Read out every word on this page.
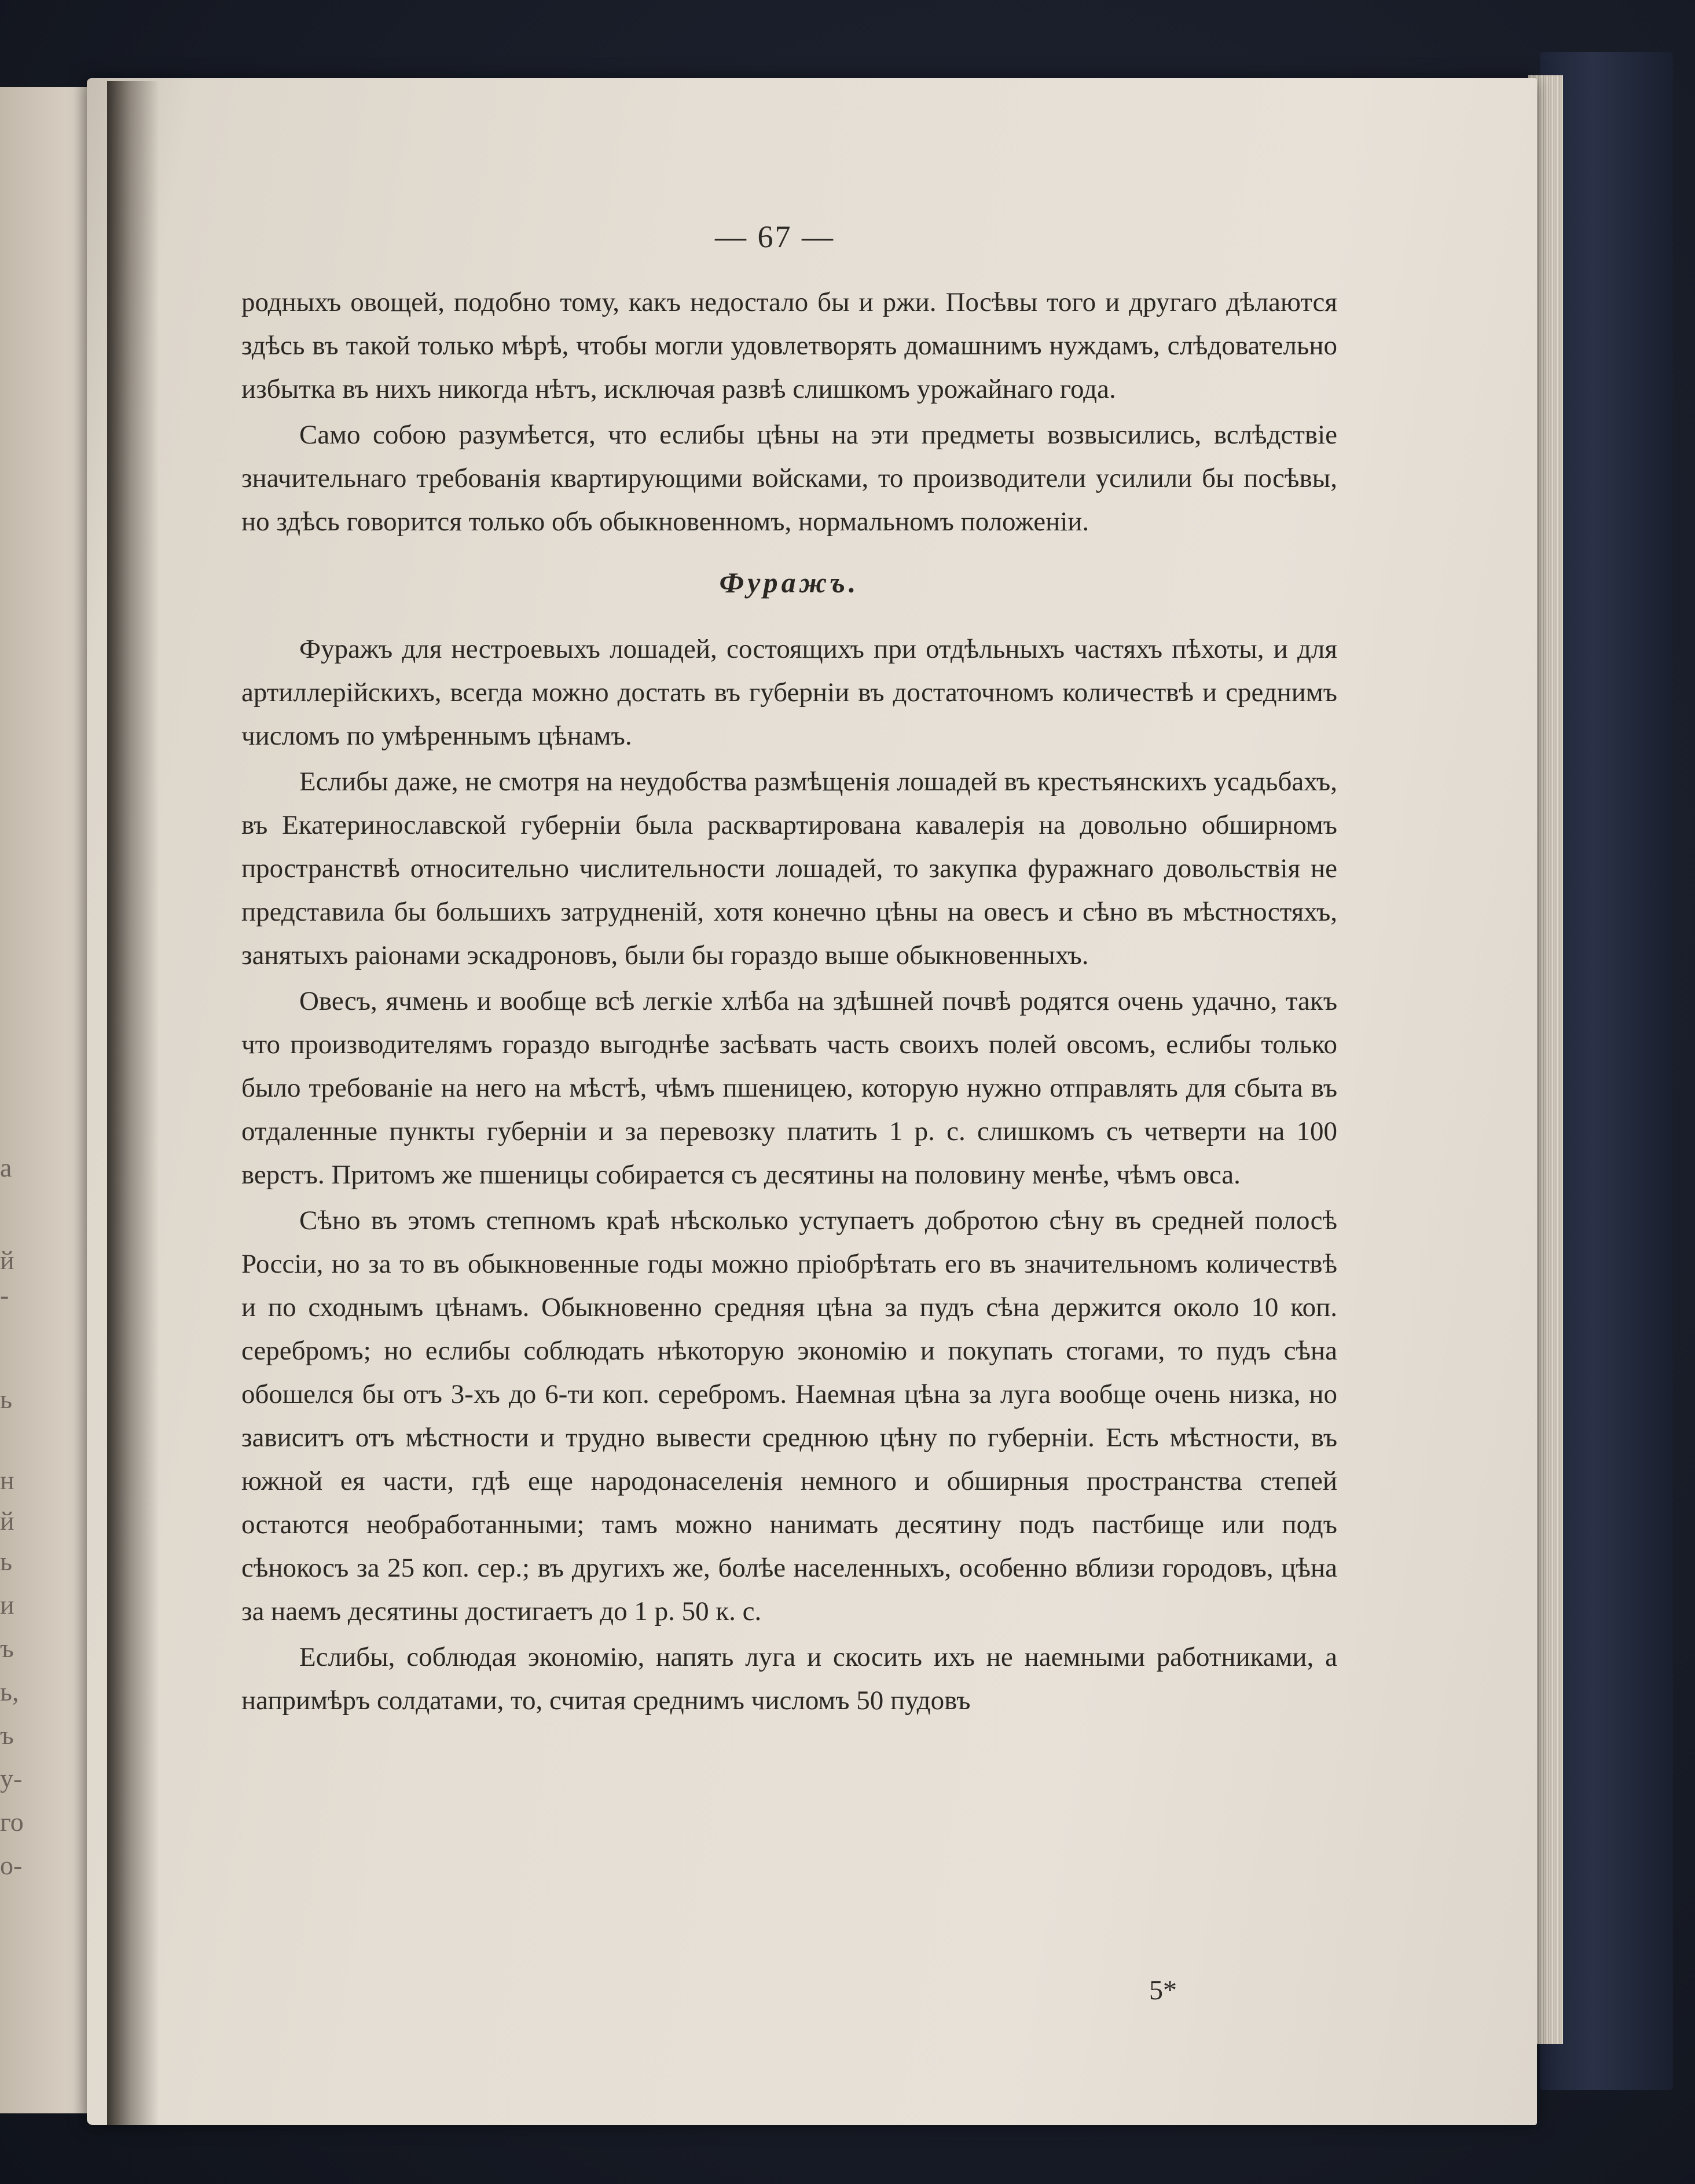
а
й
-
ь
н
й
ь
и
ъ
ь,
ъ
у-
го
о-
— 67 —

родныхъ овощей, подобно тому, какъ недостало бы и ржи. Посѣвы того и другаго дѣлаются здѣсь въ такой только мѣрѣ, чтобы могли удовлетворять домашнимъ нуждамъ, слѣдовательно избытка въ нихъ никогда нѣтъ, исключая развѣ слишкомъ урожайнаго года.

Само собою разумѣется, что еслибы цѣны на эти предметы возвысились, вслѣдствіе значительнаго требованія квартирующими войсками, то производители усилили бы посѣвы, но здѣсь говорится только объ обыкновенномъ, нормальномъ положеніи.

Фуражъ.

Фуражъ для нестроевыхъ лошадей, состоящихъ при отдѣльныхъ частяхъ пѣхоты, и для артиллерійскихъ, всегда можно достать въ губерніи въ достаточномъ количествѣ и среднимъ числомъ по умѣреннымъ цѣнамъ.

Еслибы даже, не смотря на неудобства размѣщенія лошадей въ крестьянскихъ усадьбахъ, въ Екатеринославской губерніи была расквартирована кавалерія на довольно обширномъ пространствѣ относительно числительности лошадей, то закупка фуражнаго довольствія не представила бы большихъ затрудненій, хотя конечно цѣны на овесъ и сѣно въ мѣстностяхъ, занятыхъ раіонами эскадроновъ, были бы гораздо выше обыкновенныхъ.

Овесъ, ячмень и вообще всѣ легкіе хлѣба на здѣшней почвѣ родятся очень удачно, такъ что производителямъ гораздо выгоднѣе засѣвать часть своихъ полей овсомъ, еслибы только было требованіе на него на мѣстѣ, чѣмъ пшеницею, которую нужно отправлять для сбыта въ отдаленные пункты губерніи и за перевозку платить 1 р. с. слишкомъ съ четверти на 100 верстъ. Притомъ же пшеницы собирается съ десятины на половину менѣе, чѣмъ овса.

Сѣно въ этомъ степномъ краѣ нѣсколько уступаетъ добротою сѣну въ средней полосѣ Россіи, но за то въ обыкновенные годы можно пріобрѣтать его въ значительномъ количествѣ и по сходнымъ цѣнамъ. Обыкновенно средняя цѣна за пудъ сѣна держится около 10 коп. серебромъ; но еслибы соблюдать нѣкоторую экономію и покупать стогами, то пудъ сѣна обошелся бы отъ 3-хъ до 6-ти коп. серебромъ. Наемная цѣна за луга вообще очень низка, но зависитъ отъ мѣстности и трудно вывести среднюю цѣну по губерніи. Есть мѣстности, въ южной ея части, гдѣ еще народонаселенія немного и обширныя пространства степей остаются необработанными; тамъ можно нанимать десятину подъ пастбище или подъ сѣнокосъ за 25 коп. сер.; въ другихъ же, болѣе населенныхъ, особенно вблизи городовъ, цѣна за наемъ десятины достигаетъ до 1 р. 50 к. с.

Еслибы, соблюдая экономію, напять луга и скосить ихъ не наемными работниками, а напримѣръ солдатами, то, считая среднимъ числомъ 50 пудовъ

5*
